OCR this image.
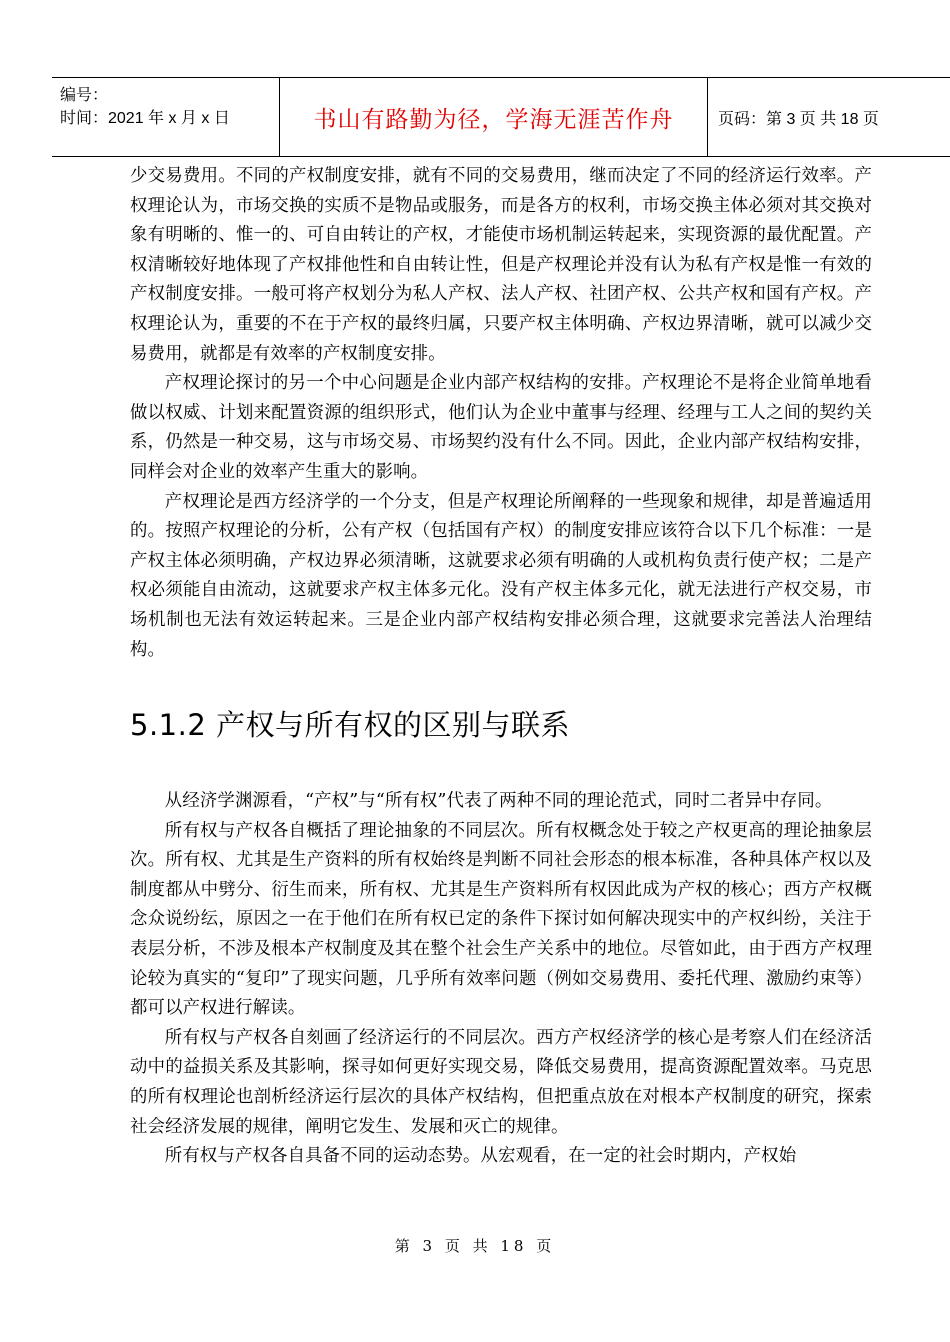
编号：
时间：2021 年 x 月 x 日	书山有路勤为径，学海无涯苦作舟	页码：第 3 页 共 18 页

少交易费用。不同的产权制度安排，就有不同的交易费用，继而决定了不同的经济运行效率。产权理论认为，市场交换的实质不是物品或服务，而是各方的权利，市场交换主体必须对其交换对象有明晰的、惟一的、可自由转让的产权，才能使市场机制运转起来，实现资源的最优配置。产权清晰较好地体现了产权排他性和自由转让性，但是产权理论并没有认为私有产权是惟一有效的产权制度安排。一般可将产权划分为私人产权、法人产权、社团产权、公共产权和国有产权。产权理论认为，重要的不在于产权的最终归属，只要产权主体明确、产权边界清晰，就可以减少交易费用，就都是有效率的产权制度安排。

产权理论探讨的另一个中心问题是企业内部产权结构的安排。产权理论不是将企业简单地看做以权威、计划来配置资源的组织形式，他们认为企业中董事与经理、经理与工人之间的契约关系，仍然是一种交易，这与市场交易、市场契约没有什么不同。因此，企业内部产权结构安排，同样会对企业的效率产生重大的影响。

产权理论是西方经济学的一个分支，但是产权理论所阐释的一些现象和规律，却是普遍适用的。按照产权理论的分析，公有产权（包括国有产权）的制度安排应该符合以下几个标准：一是产权主体必须明确，产权边界必须清晰，这就要求必须有明确的人或机构负责行使产权；二是产权必须能自由流动，这就要求产权主体多元化。没有产权主体多元化，就无法进行产权交易，市场机制也无法有效运转起来。三是企业内部产权结构安排必须合理，这就要求完善法人治理结构。

5.1.2 产权与所有权的区别与联系

从经济学渊源看，“产权”与“所有权”代表了两种不同的理论范式，同时二者异中存同。

所有权与产权各自概括了理论抽象的不同层次。所有权概念处于较之产权更高的理论抽象层次。所有权、尤其是生产资料的所有权始终是判断不同社会形态的根本标准，各种具体产权以及制度都从中劈分、衍生而来，所有权、尤其是生产资料所有权因此成为产权的核心；西方产权概念众说纷纭，原因之一在于他们在所有权已定的条件下探讨如何解决现实中的产权纠纷，关注于表层分析，不涉及根本产权制度及其在整个社会生产关系中的地位。尽管如此，由于西方产权理论较为真实的“复印”了现实问题，几乎所有效率问题（例如交易费用、委托代理、激励约束等）都可以产权进行解读。

所有权与产权各自刻画了经济运行的不同层次。西方产权经济学的核心是考察人们在经济活动中的益损关系及其影响，探寻如何更好实现交易，降低交易费用，提高资源配置效率。马克思的所有权理论也剖析经济运行层次的具体产权结构，但把重点放在对根本产权制度的研究，探索社会经济发展的规律，阐明它发生、发展和灭亡的规律。

所有权与产权各自具备不同的运动态势。从宏观看，在一定的社会时期内，产权始

第 3 页 共 18 页
